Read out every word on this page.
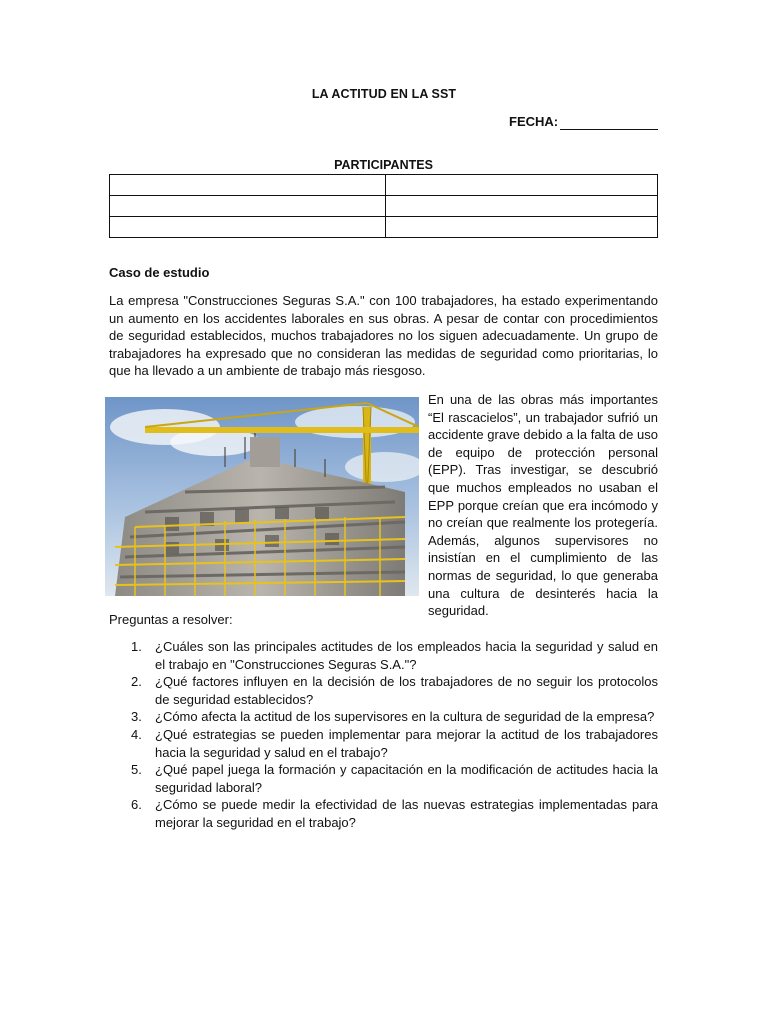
LA ACTITUD EN LA SST
FECHA:
PARTICIPANTES

Caso de estudio
La empresa "Construcciones Seguras S.A." con 100 trabajadores, ha estado experimentando un aumento en los accidentes laborales en sus obras. A pesar de contar con procedimientos de seguridad establecidos, muchos trabajadores no los siguen adecuadamente. Un grupo de trabajadores ha expresado que no consideran las medidas de seguridad como prioritarias, lo que ha llevado a un ambiente de trabajo más riesgoso.
En una de las obras más importantes “El rascacielos”, un trabajador sufrió un accidente grave debido a la falta de uso de equipo de protección personal (EPP). Tras investigar, se descubrió que muchos empleados no usaban el EPP porque creían que era incómodo y no creían que realmente los protegería. Además, algunos supervisores no insistían en el cumplimiento de las normas de seguridad, lo que generaba una cultura de desinterés hacia la seguridad.
Preguntas a resolver:
1. ¿Cuáles son las principales actitudes de los empleados hacia la seguridad y salud en el trabajo en "Construcciones Seguras S.A."?
2. ¿Qué factores influyen en la decisión de los trabajadores de no seguir los protocolos de seguridad establecidos?
3. ¿Cómo afecta la actitud de los supervisores en la cultura de seguridad de la empresa?
4. ¿Qué estrategias se pueden implementar para mejorar la actitud de los trabajadores hacia la seguridad y salud en el trabajo?
5. ¿Qué papel juega la formación y capacitación en la modificación de actitudes hacia la seguridad laboral?
6. ¿Cómo se puede medir la efectividad de las nuevas estrategias implementadas para mejorar la seguridad en el trabajo?
